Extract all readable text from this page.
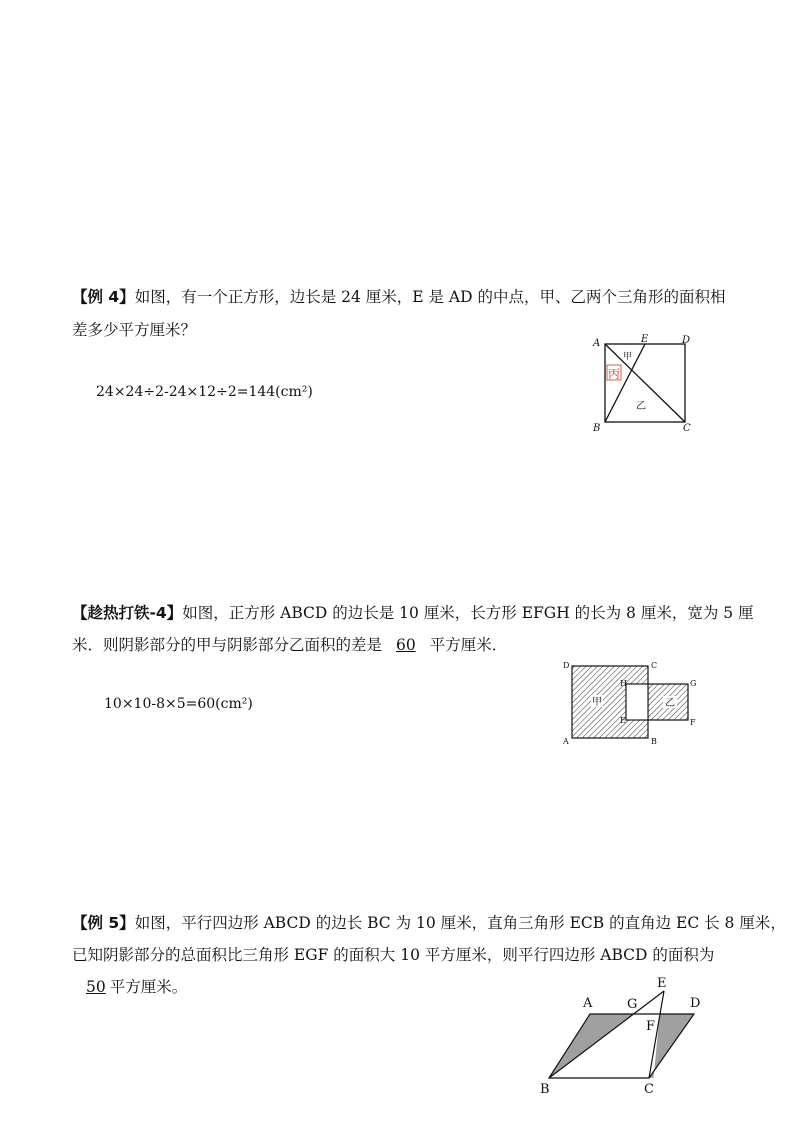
【例 4】如图，有一个正方形，边长是 24 厘米，E 是 AD 的中点，甲、乙两个三角形的面积相
差多少平方厘米？
24×24÷2-24×12÷2=144(cm²)
A	E	D
B	C
甲
乙
丙
【趁热打铁-4】如图，正方形 ABCD 的边长是 10 厘米，长方形 EFGH 的长为 8 厘米，宽为 5 厘
米．则阴影部分的甲与阴影部分乙面积的差是 60 平方厘米．
10×10-8×5=60(cm²)	甲	乙
D	C
A	B
H
E
G
F
【例 5】如图，平行四边形 ABCD 的边长 BC 为 10 厘米，直角三角形 ECB 的直角边 EC 长 8 厘米，
已知阴影部分的总面积比三角形 EGF 的面积大 10 平方厘米，则平行四边形 ABCD 的面积为
50 平方厘米。
A	G
E
D
F
B	C
